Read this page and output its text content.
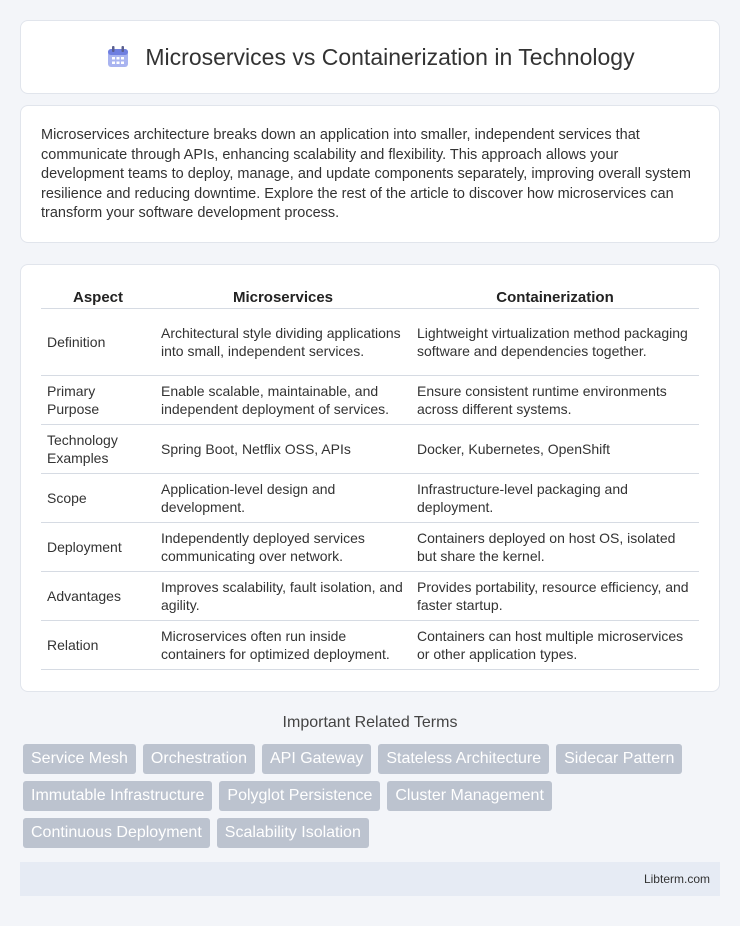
Microservices vs Containerization in Technology

Microservices architecture breaks down an application into smaller, independent services that communicate through APIs, enhancing scalability and flexibility. This approach allows your development teams to deploy, manage, and update components separately, improving overall system resilience and reducing downtime. Explore the rest of the article to discover how microservices can transform your software development process.

Aspect	Microservices	Containerization
Definition	Architectural style dividing applications into small, independent services.	Lightweight virtualization method packaging software and dependencies together.
Primary Purpose	Enable scalable, maintainable, and independent deployment of services.	Ensure consistent runtime environments across different systems.
Technology Examples	Spring Boot, Netflix OSS, APIs	Docker, Kubernetes, OpenShift
Scope	Application-level design and development.	Infrastructure-level packaging and deployment.
Deployment	Independently deployed services communicating over network.	Containers deployed on host OS, isolated but share the kernel.
Advantages	Improves scalability, fault isolation, and agility.	Provides portability, resource efficiency, and faster startup.
Relation	Microservices often run inside containers for optimized deployment.	Containers can host multiple microservices or other application types.
Important Related Terms
Service Mesh	Orchestration	API Gateway	Stateless Architecture	Sidecar Pattern
Immutable Infrastructure	Polyglot Persistence	Cluster Management
Continuous Deployment	Scalability Isolation
Libterm.com
